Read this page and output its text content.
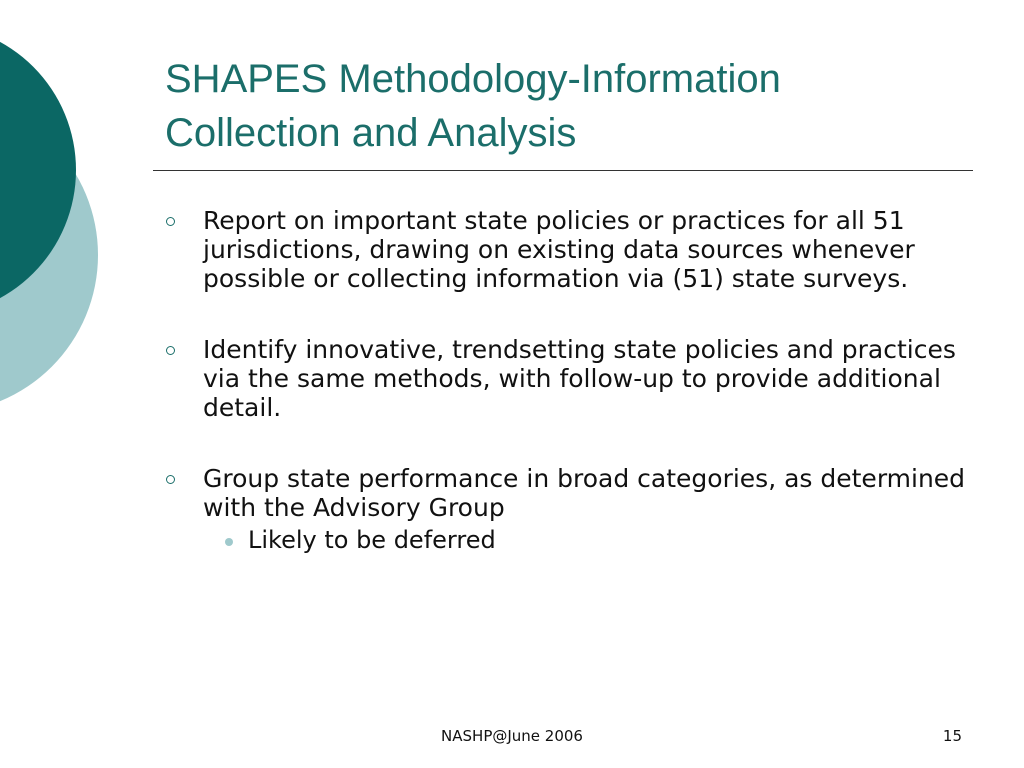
SHAPES Methodology-Information
Collection and Analysis
Report on important state policies or practices for all 51 jurisdictions, drawing on existing data sources whenever possible or collecting information via (51) state surveys.
Identify innovative, trendsetting state policies and practices via the same methods, with follow-up to provide additional detail.
Group state performance in broad categories, as determined with the Advisory Group
Likely to be deferred
NASHP@June 2006	15
